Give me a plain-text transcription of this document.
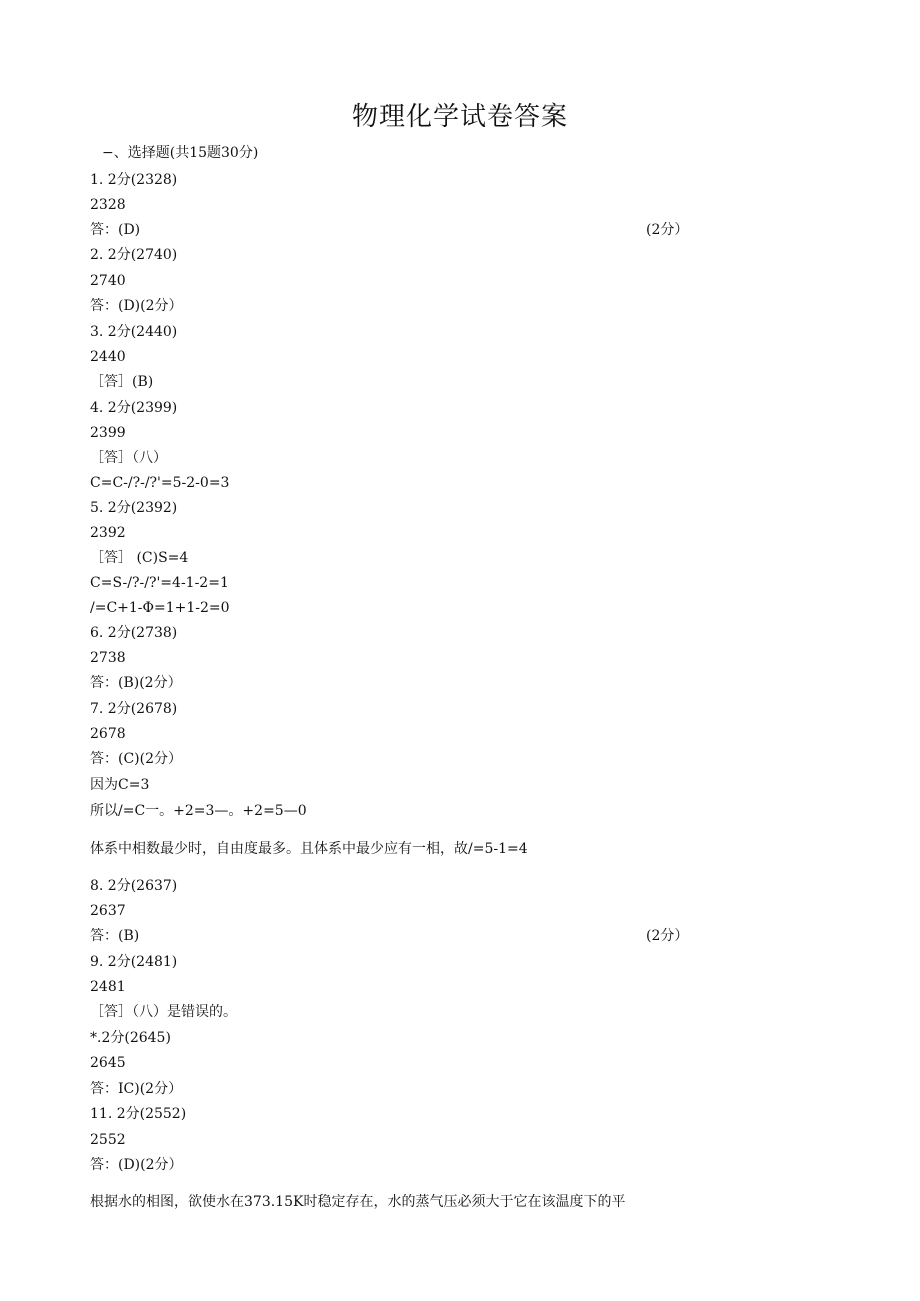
物理化学试卷答案
−、选择题(共15题30分)
1. 2分(2328)
2328
答：(D)	(2分）
2. 2分(2740)
2740
答：(D)(2分）
3. 2分(2440)
2440
［答］(B)
4. 2分(2399)
2399
［答］（八）
C=C-/?-/?'=5-2-0=3
5. 2分(2392)
2392
［答］ (C)S=4
C=S-/?-/?'=4-1-2=1
/=C+1-Φ=1+1-2=0
6. 2分(2738)
2738
答：(B)(2分）
7. 2分(2678)
2678
答：(C)(2分）
因为C=3
所以/=C一。+2=3—。+2=5—0
体系中相数最少时，自由度最多。且体系中最少应有一相，故/=5-1=4
8. 2分(2637)
2637
答：(B)	(2分）
9. 2分(2481)
2481
［答］（八）是错误的。
*.2分(2645)
2645
答：IC)(2分）
11. 2分(2552)
2552
答：(D)(2分）
根据水的相图，欲使水在373.15K时稳定存在，水的蒸气压必须大于它在该温度下的平
